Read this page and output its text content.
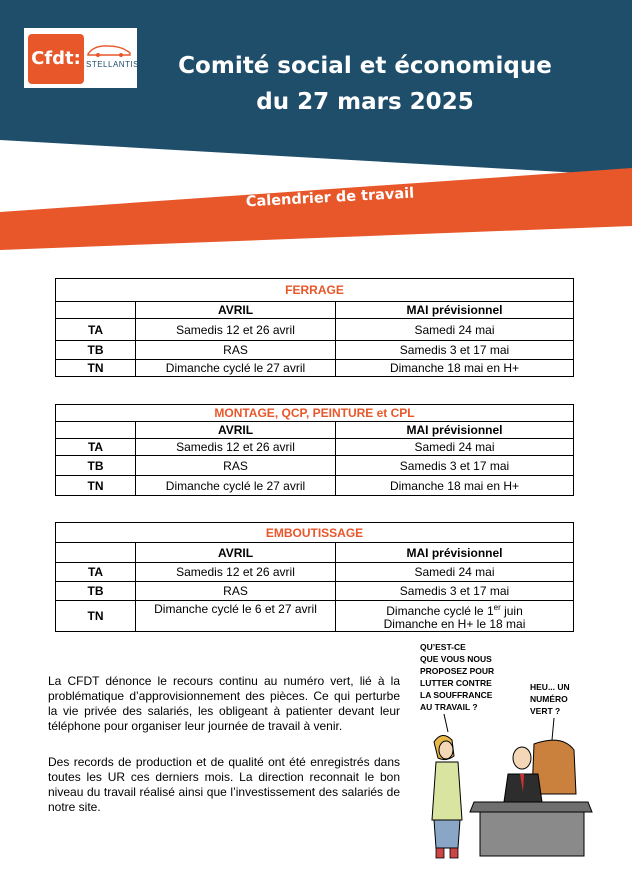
Cfdt: STELLANTIS	Comité social et économique
du 27 mars 2025
Calendrier de travail
FERRAGE		
	AVRIL	MAI prévisionnel
TA	Samedis 12 et 26 avril	Samedi 24 mai
TB	RAS	Samedis 3 et 17 mai
TN	Dimanche cyclé le 27 avril	Dimanche 18 mai en H+
MONTAGE, QCP, PEINTURE et CPL		
	AVRIL	MAI prévisionnel
TA	Samedis 12 et 26 avril	Samedi 24 mai
TB	RAS	Samedis 3 et 17 mai
TN	Dimanche cyclé le 27 avril	Dimanche 18 mai en H+
EMBOUTISSAGE		
	AVRIL	MAI prévisionnel
TA	Samedis 12 et 26 avril	Samedi 24 mai
TB	RAS	Samedis 3 et 17 mai
TN	Dimanche cyclé le 6 et 27 avril	Dimanche cyclé le 1er juin
Dimanche en H+ le 18 mai

La CFDT dénonce le recours continu au numéro vert, lié à la problématique d’approvisionnement des pièces. Ce qui perturbe la vie privée des salariés, les obligeant à patienter devant leur téléphone pour organiser leur journée de travail à venir.

Des records de production et de qualité ont été enregistrés dans toutes les UR ces derniers mois. La direction reconnait le bon niveau du travail réalisé ainsi que l’investissement des salariés de notre site.

QU’EST-CE
QUE VOUS NOUS
PROPOSEZ POUR
LUTTER CONTRE
LA SOUFFRANCE
AU TRAVAIL ?
HEU... UN
NUMÉRO
VERT ?
